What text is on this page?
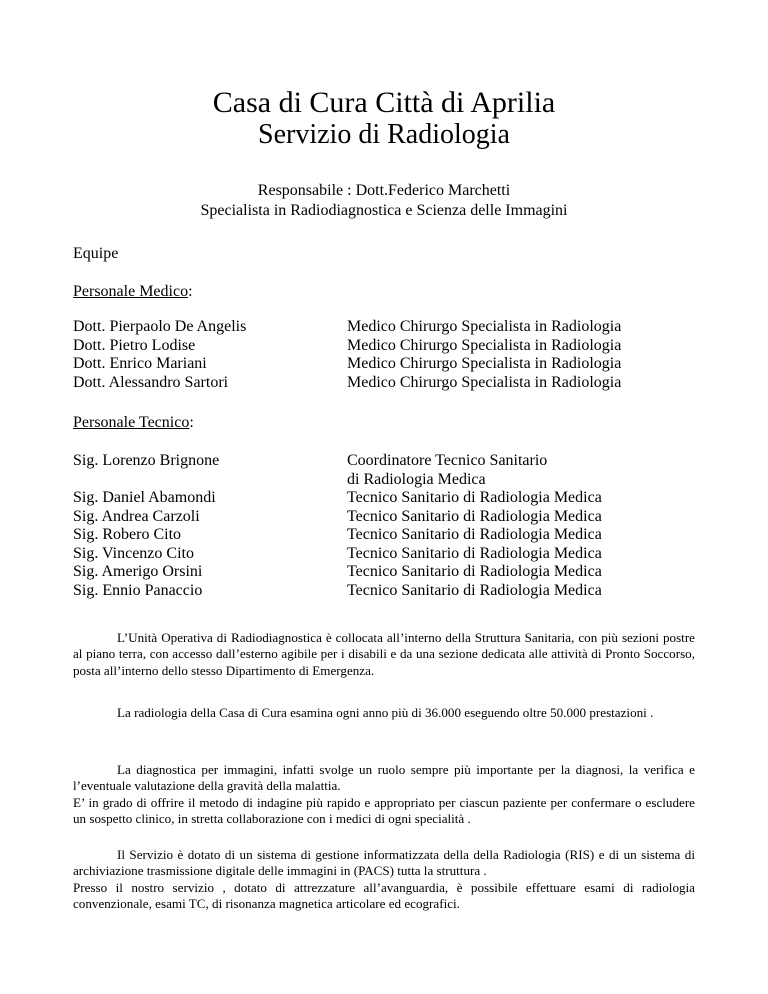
Casa di Cura Città di Aprilia
Servizio di Radiologia
Responsabile : Dott.Federico Marchetti
Specialista in Radiodiagnostica e Scienza delle Immagini
Equipe
Personale Medico:
Dott. Pierpaolo De Angelis	Medico Chirurgo Specialista in Radiologia
Dott. Pietro Lodise	Medico Chirurgo Specialista in Radiologia
Dott. Enrico Mariani	Medico Chirurgo Specialista in Radiologia
Dott. Alessandro Sartori	Medico Chirurgo Specialista in Radiologia
Personale Tecnico:
Sig. Lorenzo Brignone	Coordinatore Tecnico Sanitario
di Radiologia Medica
Sig. Daniel Abamondi	Tecnico Sanitario di Radiologia Medica
Sig. Andrea Carzoli	Tecnico Sanitario di Radiologia Medica
Sig. Robero Cito	Tecnico Sanitario di Radiologia Medica
Sig. Vincenzo Cito	Tecnico Sanitario di Radiologia Medica
Sig. Amerigo Orsini	Tecnico Sanitario di Radiologia Medica
Sig. Ennio Panaccio	Tecnico Sanitario di Radiologia Medica

L’Unità Operativa di Radiodiagnostica è collocata all’interno della Struttura Sanitaria, con più sezioni postre al piano terra, con accesso dall’esterno agibile per i disabili e da una sezione dedicata alle attività di Pronto Soccorso, posta all’interno dello stesso Dipartimento di Emergenza.

La radiologia della Casa di Cura esamina ogni anno più di 36.000 eseguendo oltre 50.000 prestazioni .

La diagnostica per immagini, infatti svolge un ruolo sempre più importante per la diagnosi, la verifica e l’eventuale valutazione della gravità della malattia.

E’ in grado di offrire il metodo di indagine più rapido e appropriato per ciascun paziente per confermare o escludere un sospetto clinico, in stretta collaborazione con i medici di ogni specialità .

Il Servizio è dotato di un sistema di gestione informatizzata della della Radiologia (RIS) e di un sistema di archiviazione trasmissione digitale delle immagini in (PACS) tutta la struttura .

Presso il nostro servizio , dotato di attrezzature all’avanguardia, è possibile effettuare esami di radiologia convenzionale, esami TC, di risonanza magnetica articolare ed ecografici.
